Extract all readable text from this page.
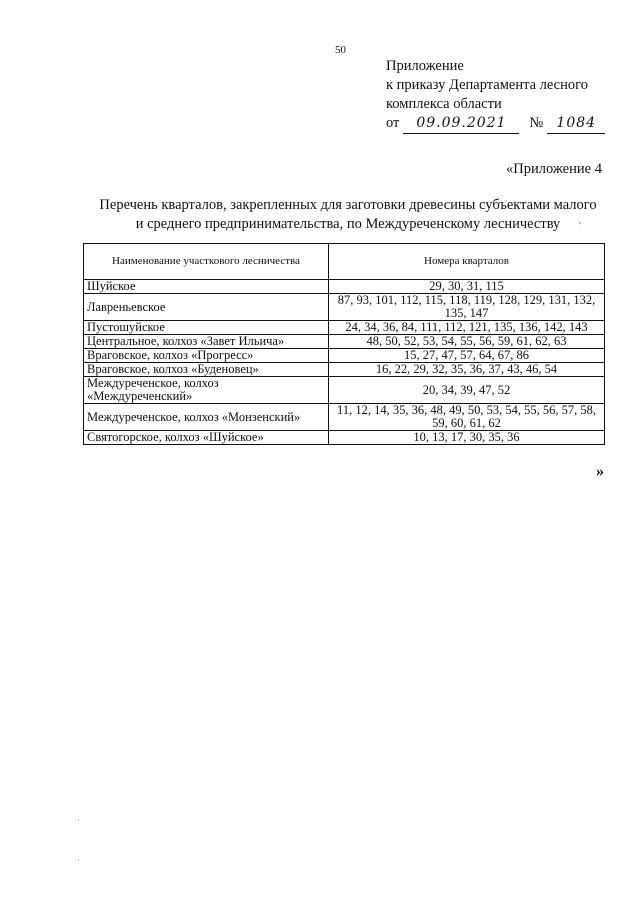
50
Приложение
к приказу Департамента лесного
комплекса области
от 09.09.2021 № 1084
«Приложение 4
Перечень кварталов, закрепленных для заготовки древесины субъектами малого
и среднего предпринимательства, по Междуреченскому лесничеству	'
Наименование участкового лесничества	Номера кварталов
Шуйское	29, 30, 31, 115
Лавреньевское	87, 93, 101, 112, 115, 118, 119, 128, 129, 131, 132, 135, 147
Пустошуйское	24, 34, 36, 84, 111, 112, 121, 135, 136, 142, 143
Центральное, колхоз «Завет Ильича»	48, 50, 52, 53, 54, 55, 56, 59, 61, 62, 63
Враговское, колхоз «Прогресс»	15, 27, 47, 57, 64, 67, 86
Враговское, колхоз «Буденовец»	16, 22, 29, 32, 35, 36, 37, 43, 46, 54
Междуреченское, колхоз «Междуреченский»	20, 34, 39, 47, 52
Междуреченское, колхоз «Монзенский»	11, 12, 14, 35, 36, 48, 49, 50, 53, 54, 55, 56, 57, 58, 59, 60, 61, 62
Святогорское, колхоз «Шуйское»	10, 13, 17, 30, 35, 36
»
